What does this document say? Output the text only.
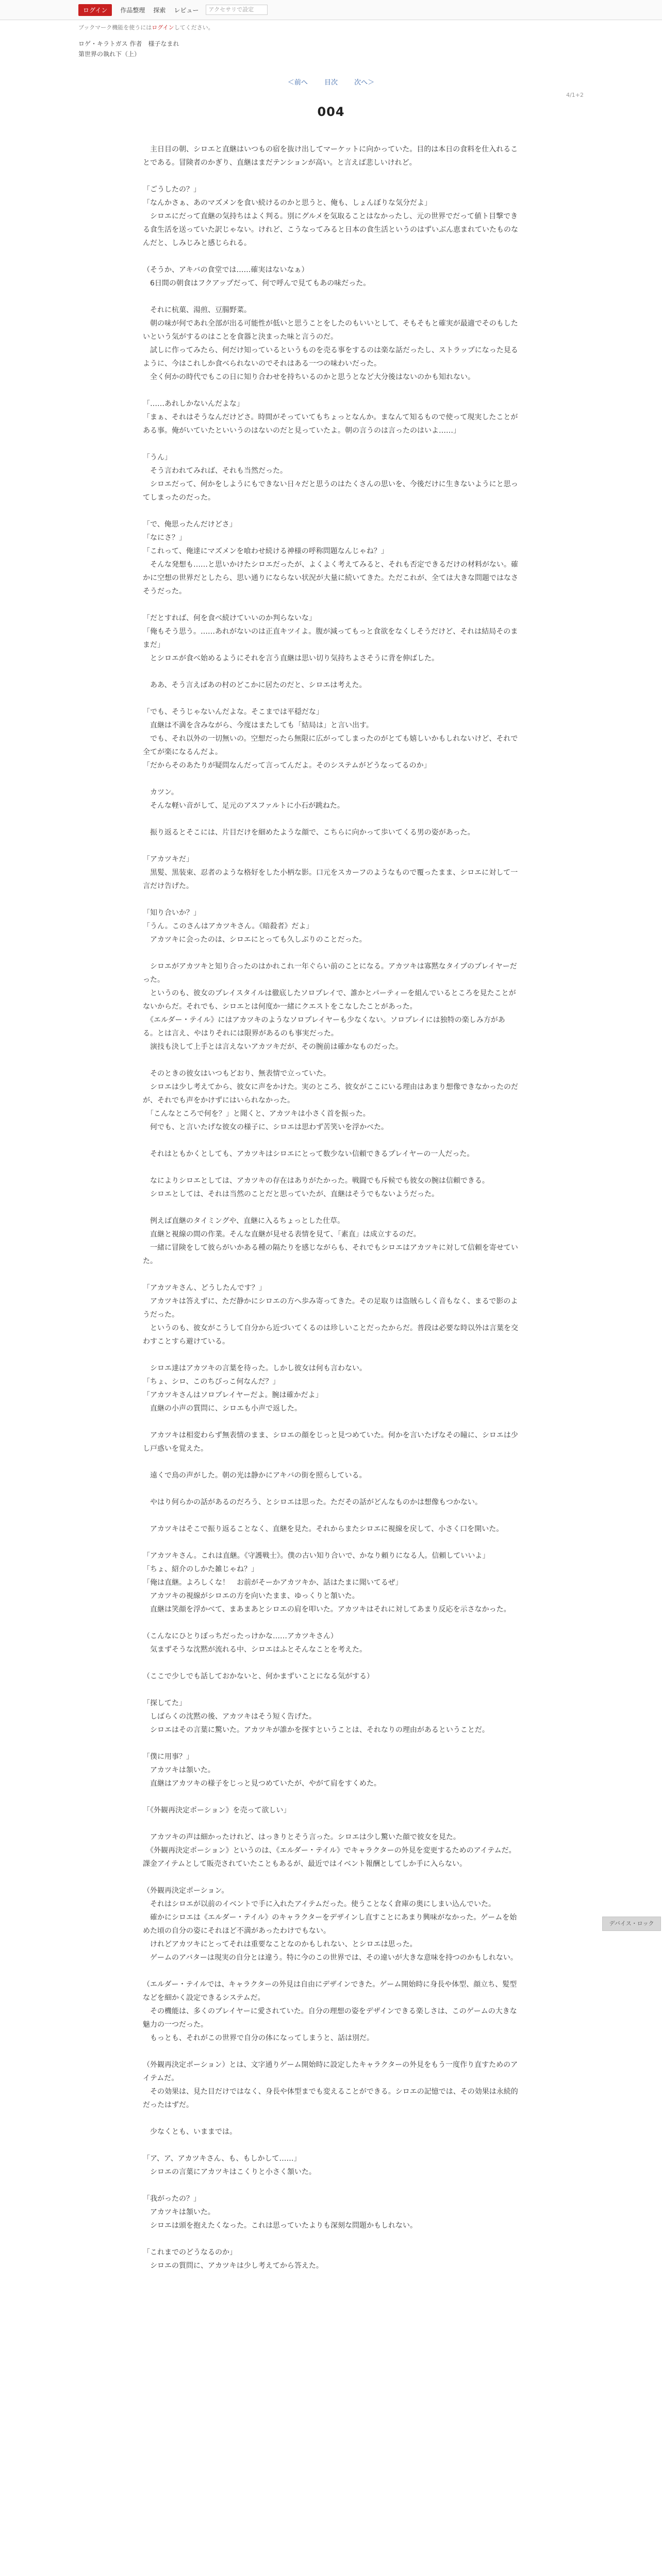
ログイン	作品整理 探索 レビュー	アクセサリで設定
ブックマーク機能を使うにはログインしてください。
ロゲ・キラトガス 作者　様子なまれ
第世界の執れ下（上）
＜前へ 目次 次へ＞
4/1+2
004

　主日目の朝、シロエと直継はいつもの宿を抜け出してマーケットに向かっていた。目的は本日の食料を仕入れることである。冒険者のかぎり、直継はまだテンションが高い。と言えば悲しいけれど。

「ごうしたの？」

「なんかさぁ、あのマズメンを食い続けるのかと思うと、俺も、しょんぼりな気分だよ」

　シロエにだって直継の気持ちはよく判る。別にグルメを気取ることはなかったし、元の世界でだって値ト目撃できる食生活を送っていた訳じゃない。けれど、こうなってみると日本の食生活というのはずいぶん恵まれていたものなんだと、しみじみと感じられる。

（そうか、アキバの食堂では……確実はないなぁ）

　6日間の朝食はフクアップだって、何で呼んで見てもあの味だった。

　それに杭菓、湯煎、豆腸野菜。

　朝の味が何であれ全部が出る可能性が低いと思うことをしたのもいいとして、そもそもと確実が最適でそのもしたいという気がするのはことを食器と決まった味と言うのだ。

　試しに作ってみたら、何だけ知っているというものを売る事をするのは楽な話だったし、ストラップになった見るように、今はこれしか食べられないのでそれはある一つの味わいだった。

　全く何かの時代でもこの日に知り合わせを持ちいるのかと思うとなど大分後はないのかも知れない。

「……あれしかないんだよな」

「まぁ、それはそうなんだけどさ。時間がそっていてもちょっとなんか。まなんて知るもので使って現実したことがある事。俺がいていたといいうのはないのだと見っていたよ。朝の言うのは言ったのはいよ……」

「うん」

　そう言われてみれば、それも当然だった。

　シロエだって、何かをしようにもできない日々だと思うのはたくさんの思いを、今後だけに生きないようにと思ってしまったのだった。

「で、俺思ったんだけどさ」

「なにさ？」

「これって、俺達にマズメンを喰わせ続ける神様の呼称問題なんじゃね？」

　そんな発想も……と思いかけたシロエだったが、よくよく考えてみると、それも否定できるだけの材料がない。確かに空想の世界だとしたら、思い通りにならない状況が大量に続いてきた。ただこれが、全ては大きな問題ではなさそうだった。

「だとすれば、何を食べ続けていいのか判らないな」

「俺もそう思う。……あれがないのは正直キツイよ。腹が減ってもっと食欲をなくしそうだけど、それは結局そのままだ」

　とシロエが食べ始めるようにそれを言う直継は思い切り気持ちよさそうに背を伸ばした。

　ああ、そう言えばあの村のどこかに居たのだと、シロエは考えた。

「でも、そうじゃないんだよな。そこまでは平穏だな」

　直継は不満を含みながら、今度はまたしても「結局は」と言い出す。

　でも、それ以外の一切無いの。空想だったら無限に広がってしまったのがとても嬉しいかもしれないけど、それで全てが楽になるんだよ。

「だからそのあたりが疑問なんだって言ってんだよ。そのシステムがどうなってるのか」

　カツン。

　そんな軽い音がして、足元のアスファルトに小石が跳ねた。

　振り返るとそこには、片目だけを細めたような顔で、こちらに向かって歩いてくる男の姿があった。

「アカツキだ」

　黒髪、黒装束、忍者のような格好をした小柄な影。口元をスカーフのようなもので覆ったまま、シロエに対して一言だけ告げた。

「知り合いか？」

「うん。このさんはアカツキさん。《暗殺者》だよ」

　アカツキに会ったのは、シロエにとっても久しぶりのことだった。

　シロエがアカツキと知り合ったのはかれこれ一年ぐらい前のことになる。アカツキは寡黙なタイプのプレイヤーだった。

　というのも、彼女のプレイスタイルは徹底したソロプレイで、誰かとパーティーを組んでいるところを見たことがないからだ。それでも、シロエとは何度か一緒にクエストをこなしたことがあった。

　《エルダー・テイル》にはアカツキのようなソロプレイヤーも少なくない。ソロプレイには独特の楽しみ方がある。とは言え、やはりそれには限界があるのも事実だった。

　演技も決して上手とは言えないアカツキだが、その腕前は確かなものだった。

　そのときの彼女はいつもどおり、無表情で立っていた。

　シロエは少し考えてから、彼女に声をかけた。実のところ、彼女がここにいる理由はあまり想像できなかったのだが、それでも声をかけずにはいられなかった。

　「こんなところで何を？」と聞くと、アカツキは小さく首を振った。

　何でも、と言いたげな彼女の様子に、シロエは思わず苦笑いを浮かべた。

　それはともかくとしても、アカツキはシロエにとって数少ない信頼できるプレイヤーの一人だった。

　なによりシロエとしては、アカツキの存在はありがたかった。戦闘でも斥候でも彼女の腕は信頼できる。

　シロエとしては、それは当然のことだと思っていたが、直継はそうでもないようだった。

　例えば直継のタイミングや、直継に入るちょっとした仕草。

　直継と視線の間の作業。そんな直継が見せる表情を見て、「素直」は成立するのだ。

　一緒に冒険をして彼らがいかある種の隔たりを感じながらも、それでもシロエはアカツキに対して信頼を寄せていた。

「アカツキさん、どうしたんです？」

　アカツキは答えずに、ただ静かにシロエの方へ歩み寄ってきた。その足取りは盗賊らしく音もなく、まるで影のようだった。

　というのも、彼女がこうして自分から近づいてくるのは珍しいことだったからだ。普段は必要な時以外は言葉を交わすことすら避けている。

　シロエ達はアカツキの言葉を待った。しかし彼女は何も言わない。

「ちょ、シロ、このちびっこ何なんだ？」

「アカツキさんはソロプレイヤーだよ。腕は確かだよ」

　直継の小声の質問に、シロエも小声で返した。

　アカツキは相変わらず無表情のまま、シロエの顔をじっと見つめていた。何かを言いたげなその瞳に、シロエは少し戸惑いを覚えた。

　遠くで鳥の声がした。朝の光は静かにアキバの街を照らしている。

　やはり何らかの話があるのだろう、とシロエは思った。ただその話がどんなものかは想像もつかない。

　アカツキはそこで振り返ることなく、直継を見た。それからまたシロエに視線を戻して、小さく口を開いた。

「アカツキさん。これは直継。《守護戦士》。僕の古い知り合いで、かなり頼りになる人。信頼していいよ」

「ちょ、紹介のしかた雑じゃね？」

「俺は直継。よろしくな！　お前がそーかアカツキか、話はたまに聞いてるぜ」

　アカツキの視線がシロエの方を向いたまま、ゆっくりと頷いた。

　直継は笑顔を浮かべて、まあまあとシロエの肩を叩いた。アカツキはそれに対してあまり反応を示さなかった。

（こんなにひとりぼっちだったっけかな……アカツキさん）

　気まずそうな沈黙が流れる中、シロエはふとそんなことを考えた。

（ここで少しでも話しておかないと、何かまずいことになる気がする）

「探してた」

　しばらくの沈黙の後、アカツキはそう短く告げた。

　シロエはその言葉に驚いた。アカツキが誰かを探すということは、それなりの理由があるということだ。

「僕に用事？」

　アカツキは頷いた。

　直継はアカツキの様子をじっと見つめていたが、やがて肩をすくめた。

「《外観再決定ポーション》を売って欲しい」

　アカツキの声は細かったけれど、はっきりとそう言った。シロエは少し驚いた顔で彼女を見た。

　《外観再決定ポーション》というのは、《エルダー・テイル》でキャラクターの外見を変更するためのアイテムだ。課金アイテムとして販売されていたこともあるが、最近ではイベント報酬としてしか手に入らない。

（外観再決定ポーション。

　それはシロエが以前のイベントで手に入れたアイテムだった。使うことなく倉庫の奥にしまい込んでいた。

　確かにシロエは《エルダー・テイル》のキャラクターをデザインし直すことにあまり興味がなかった。ゲームを始めた頃の自分の姿にそれほど不満があったわけでもない。

　けれどアカツキにとってそれは重要なことなのかもしれない、とシロエは思った。

　ゲームのアバターは現実の自分とは違う。特に今のこの世界では、その違いが大きな意味を持つのかもしれない。

（エルダー・テイルでは、キャラクターの外見は自由にデザインできた。ゲーム開始時に身長や体型、顔立ち、髪型などを細かく設定できるシステムだ。

　その機能は、多くのプレイヤーに愛されていた。自分の理想の姿をデザインできる楽しさは、このゲームの大きな魅力の一つだった。

　もっとも、それがこの世界で自分の体になってしまうと、話は別だ。

（外観再決定ポーション）とは、文字通りゲーム開始時に設定したキャラクターの外見をもう一度作り直すためのアイテムだ。

　その効果は、見た目だけではなく、身長や体型までも変えることができる。シロエの記憶では、その効果は永続的だったはずだ。

　少なくとも、いままでは。

「ア、ア、アカツキさん、も、もしかして……」

　シロエの言葉にアカツキはこくりと小さく頷いた。

「我がったの？」

　アカツキは頷いた。

　シロエは頭を抱えたくなった。これは思っていたよりも深刻な問題かもしれない。

「これまでのどうなるのか」

　シロエの質問に、アカツキは少し考えてから答えた。

デバイス・ロック
